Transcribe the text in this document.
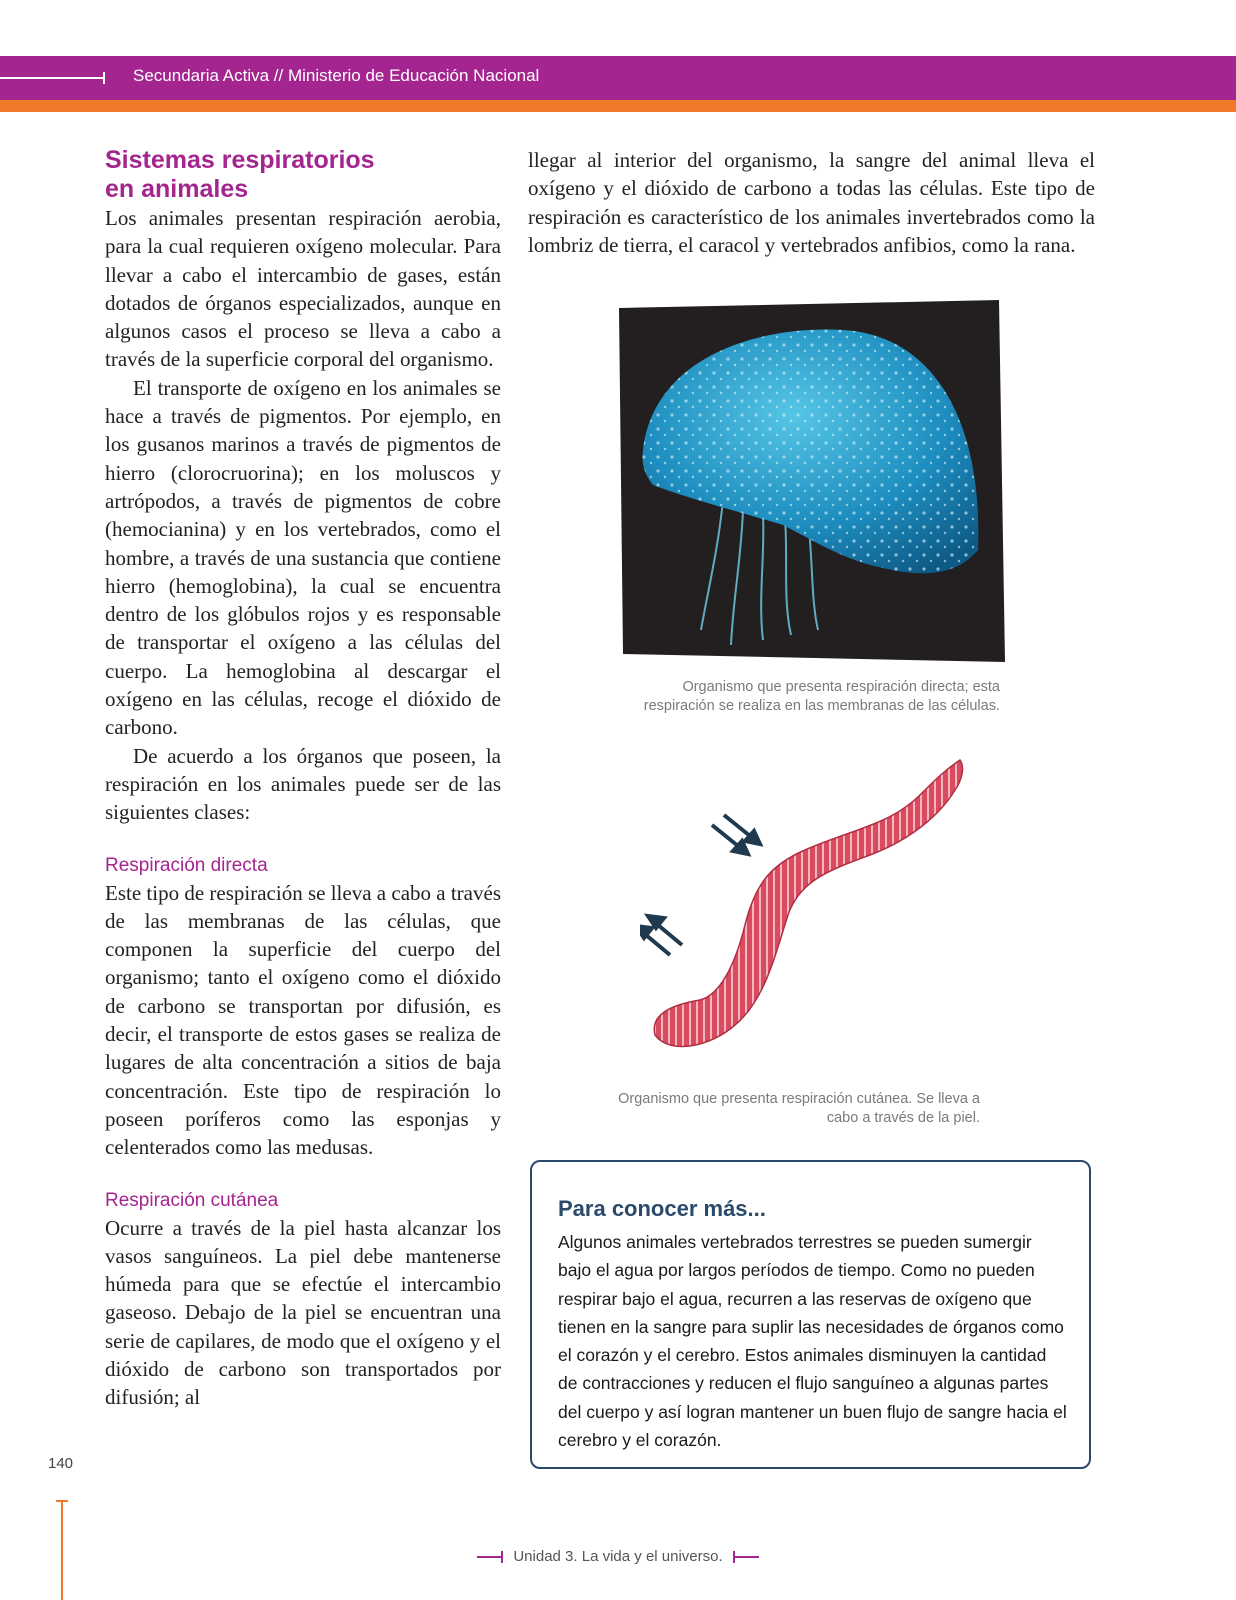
Secundaria Activa // Ministerio de Educación Nacional
Sistemas respiratorios
en animales

Los animales presentan respiración aerobia, para la cual requieren oxígeno molecular. Para llevar a cabo el intercambio de gases, están dotados de órganos especializados, aunque en algunos casos el proceso se lleva a cabo a través de la superficie corporal del organismo.

El transporte de oxígeno en los animales se hace a través de pigmentos. Por ejemplo, en los gusanos marinos a través de pigmentos de hierro (clorocruorina); en los moluscos y artrópodos, a través de pigmentos de cobre (hemocianina) y en los vertebrados, como el hombre, a través de una sustancia que contiene hierro (hemoglobina), la cual se encuentra dentro de los glóbulos rojos y es responsable de transportar el oxígeno a las células del cuerpo. La hemoglobina al descargar el oxígeno en las células, recoge el dióxido de carbono.

De acuerdo a los órganos que poseen, la respiración en los animales puede ser de las siguientes clases:

Respiración directa

Este tipo de respiración se lleva a cabo a través de las membranas de las células, que componen la superficie del cuerpo del organismo; tanto el oxígeno como el dióxido de carbono se transportan por difusión, es decir, el transporte de estos gases se realiza de lugares de alta concentración a sitios de baja concentración. Este tipo de respiración lo poseen poríferos como las esponjas y celenterados como las medusas.

Respiración cutánea

Ocurre a través de la piel hasta alcanzar los vasos sanguíneos. La piel debe mantenerse húmeda para que se efectúe el intercambio gaseoso. Debajo de la piel se encuentran una serie de capilares, de modo que el oxígeno y el dióxido de carbono son transportados por difusión; al

llegar al interior del organismo, la sangre del animal lleva el oxígeno y el dióxido de carbono a todas las células. Este tipo de respiración es característico de los animales invertebrados como la lombriz de tierra, el caracol y vertebrados anfibios, como la rana.

Organismo que presenta respiración directa; esta respiración se realiza en las membranas de las células.
Organismo que presenta respiración cutánea. Se lleva a cabo a través de la piel.
Para conocer más...
Algunos animales vertebrados terrestres se pueden sumergir bajo el agua por largos períodos de tiempo. Como no pueden respirar bajo el agua, recurren a las reservas de oxígeno que tienen en la sangre para suplir las necesidades de órganos como el corazón y el cerebro. Estos animales disminuyen la cantidad de contracciones y reducen el flujo sanguíneo a algunas partes del cuerpo y así logran mantener un buen flujo de sangre hacia el cerebro y el corazón.
140
Unidad 3. La vida y el universo.
